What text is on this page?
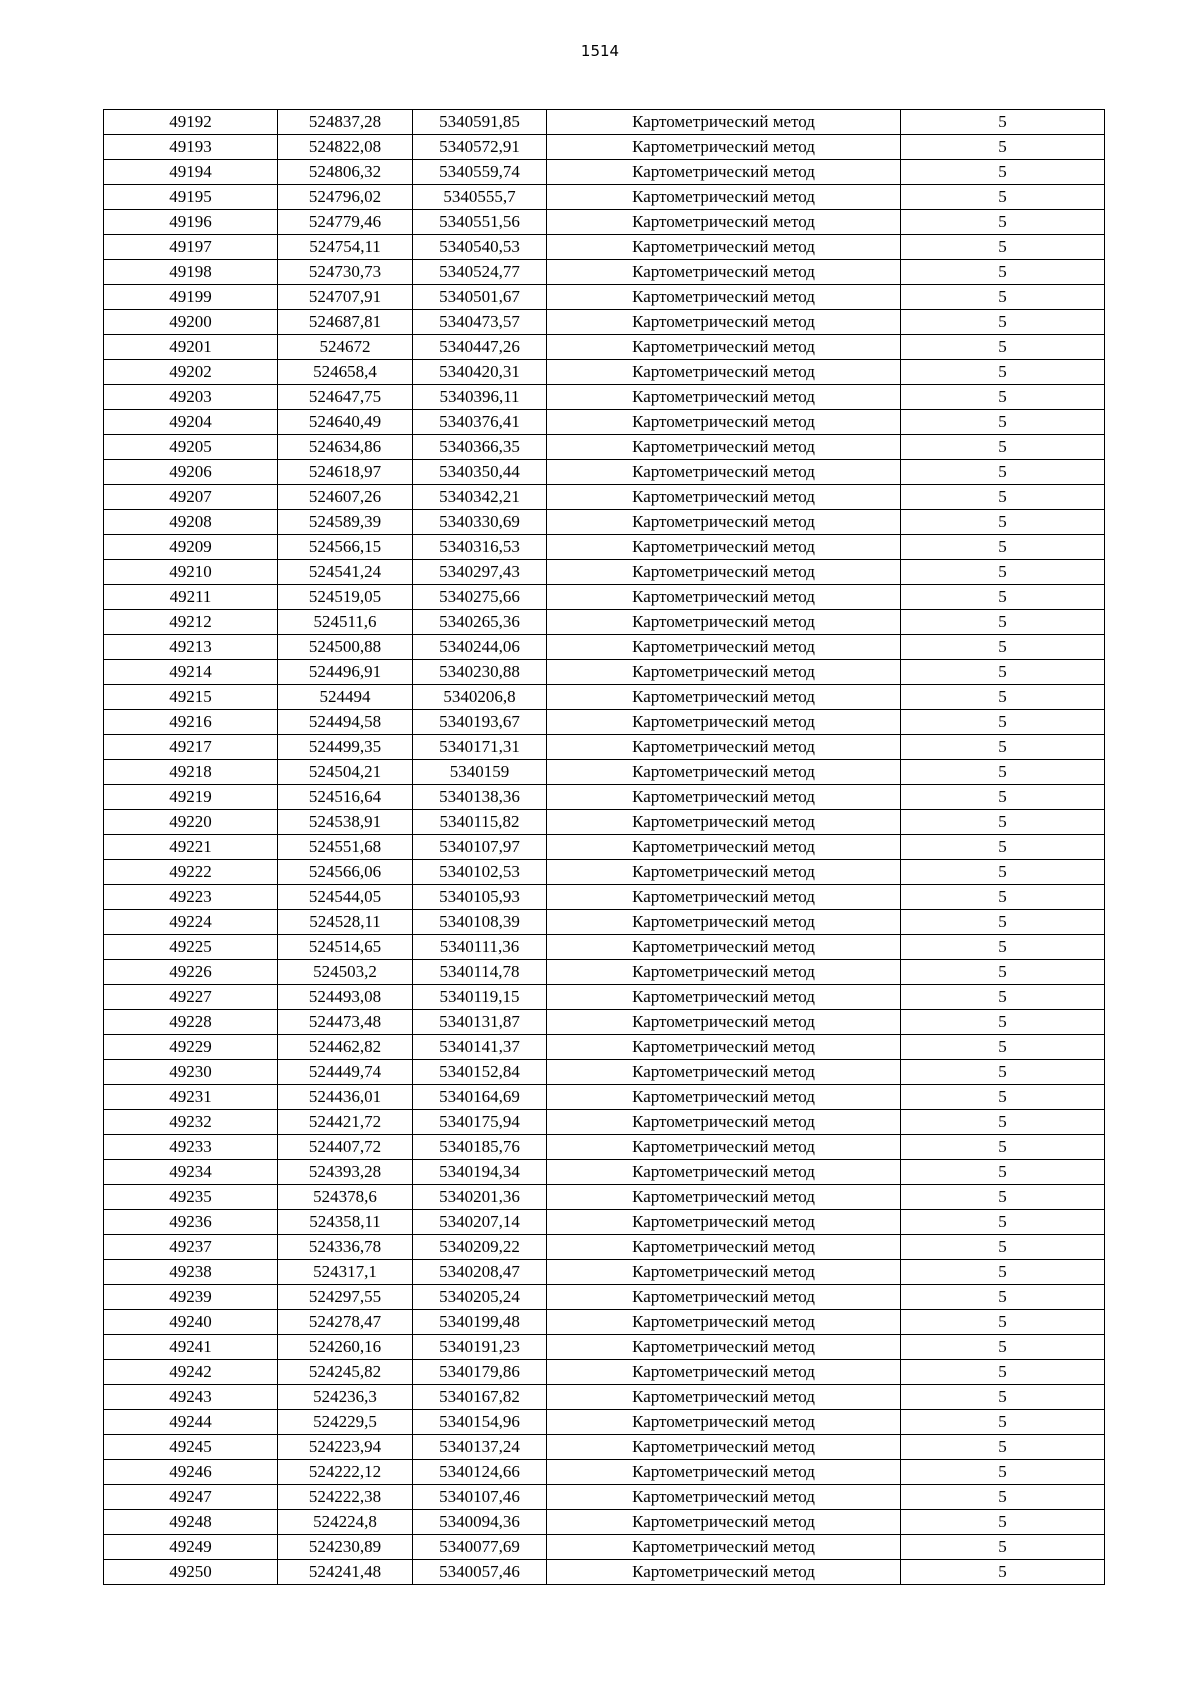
1514
49192	524837,28	5340591,85	Картометрический метод	5
49193	524822,08	5340572,91	Картометрический метод	5
49194	524806,32	5340559,74	Картометрический метод	5
49195	524796,02	5340555,7	Картометрический метод	5
49196	524779,46	5340551,56	Картометрический метод	5
49197	524754,11	5340540,53	Картометрический метод	5
49198	524730,73	5340524,77	Картометрический метод	5
49199	524707,91	5340501,67	Картометрический метод	5
49200	524687,81	5340473,57	Картометрический метод	5
49201	524672	5340447,26	Картометрический метод	5
49202	524658,4	5340420,31	Картометрический метод	5
49203	524647,75	5340396,11	Картометрический метод	5
49204	524640,49	5340376,41	Картометрический метод	5
49205	524634,86	5340366,35	Картометрический метод	5
49206	524618,97	5340350,44	Картометрический метод	5
49207	524607,26	5340342,21	Картометрический метод	5
49208	524589,39	5340330,69	Картометрический метод	5
49209	524566,15	5340316,53	Картометрический метод	5
49210	524541,24	5340297,43	Картометрический метод	5
49211	524519,05	5340275,66	Картометрический метод	5
49212	524511,6	5340265,36	Картометрический метод	5
49213	524500,88	5340244,06	Картометрический метод	5
49214	524496,91	5340230,88	Картометрический метод	5
49215	524494	5340206,8	Картометрический метод	5
49216	524494,58	5340193,67	Картометрический метод	5
49217	524499,35	5340171,31	Картометрический метод	5
49218	524504,21	5340159	Картометрический метод	5
49219	524516,64	5340138,36	Картометрический метод	5
49220	524538,91	5340115,82	Картометрический метод	5
49221	524551,68	5340107,97	Картометрический метод	5
49222	524566,06	5340102,53	Картометрический метод	5
49223	524544,05	5340105,93	Картометрический метод	5
49224	524528,11	5340108,39	Картометрический метод	5
49225	524514,65	5340111,36	Картометрический метод	5
49226	524503,2	5340114,78	Картометрический метод	5
49227	524493,08	5340119,15	Картометрический метод	5
49228	524473,48	5340131,87	Картометрический метод	5
49229	524462,82	5340141,37	Картометрический метод	5
49230	524449,74	5340152,84	Картометрический метод	5
49231	524436,01	5340164,69	Картометрический метод	5
49232	524421,72	5340175,94	Картометрический метод	5
49233	524407,72	5340185,76	Картометрический метод	5
49234	524393,28	5340194,34	Картометрический метод	5
49235	524378,6	5340201,36	Картометрический метод	5
49236	524358,11	5340207,14	Картометрический метод	5
49237	524336,78	5340209,22	Картометрический метод	5
49238	524317,1	5340208,47	Картометрический метод	5
49239	524297,55	5340205,24	Картометрический метод	5
49240	524278,47	5340199,48	Картометрический метод	5
49241	524260,16	5340191,23	Картометрический метод	5
49242	524245,82	5340179,86	Картометрический метод	5
49243	524236,3	5340167,82	Картометрический метод	5
49244	524229,5	5340154,96	Картометрический метод	5
49245	524223,94	5340137,24	Картометрический метод	5
49246	524222,12	5340124,66	Картометрический метод	5
49247	524222,38	5340107,46	Картометрический метод	5
49248	524224,8	5340094,36	Картометрический метод	5
49249	524230,89	5340077,69	Картометрический метод	5
49250	524241,48	5340057,46	Картометрический метод	5
